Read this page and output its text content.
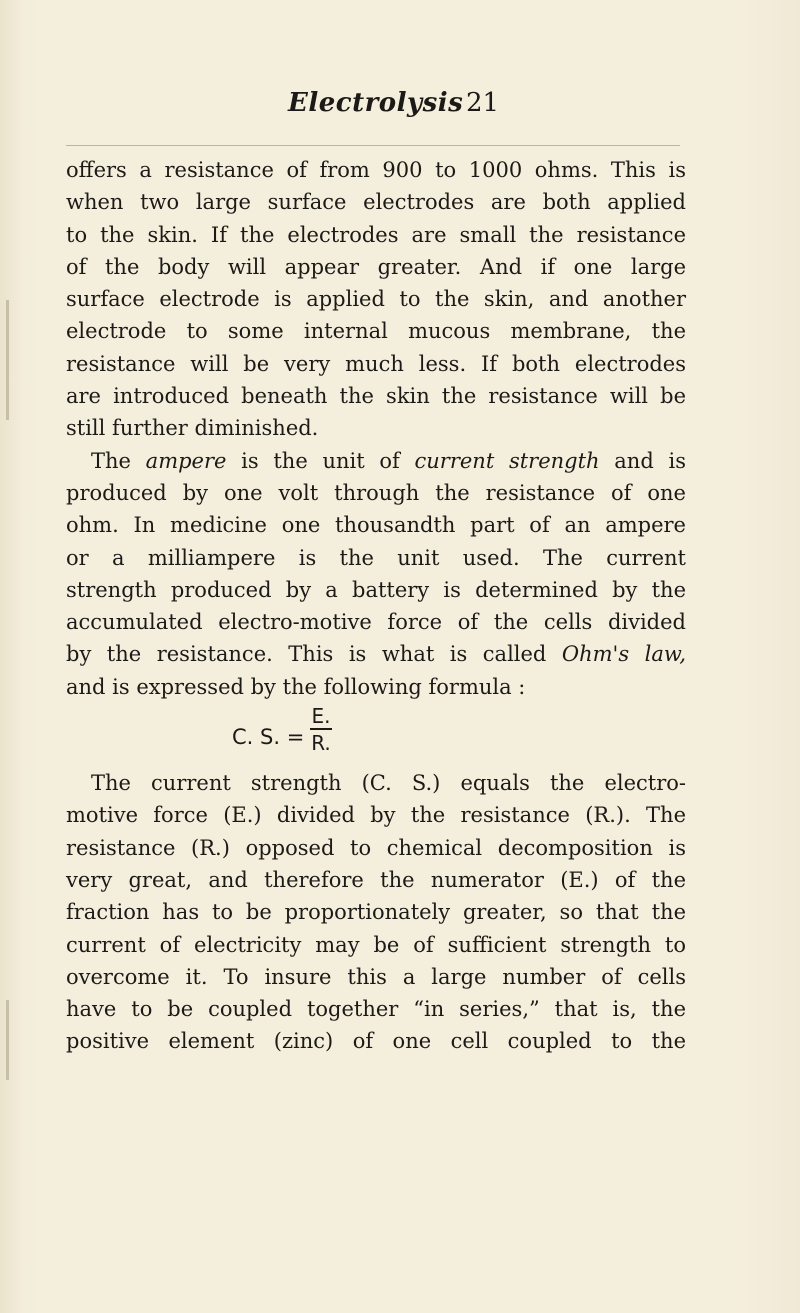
Electrolysis 21
offers a resistance of from 900 to 1000 ohms. This is
when two large surface electrodes are both applied
to the skin. If the electrodes are small the resistance
of the body will appear greater. And if one large
surface electrode is applied to the skin, and another
electrode to some internal mucous membrane, the
resistance will be very much less. If both electrodes
are introduced beneath the skin the resistance will be
still further diminished.
The ampere is the unit of current strength and is
produced by one volt through the resistance of one
ohm. In medicine one thousandth part of an ampere
or a milliampere is the unit used. The current
strength produced by a battery is determined by the
accumulated electro-motive force of the cells divided
by the resistance. This is what is called Ohm's law,
and is expressed by the following formula :
C. S. =
E.
R.
The current strength (C. S.) equals the electro-
motive force (E.) divided by the resistance (R.). The
resistance (R.) opposed to chemical decomposition is
very great, and therefore the numerator (E.) of the
fraction has to be proportionately greater, so that the
current of electricity may be of sufficient strength to
overcome it. To insure this a large number of cells
have to be coupled together “in series,” that is, the
positive element (zinc) of one cell coupled to the
